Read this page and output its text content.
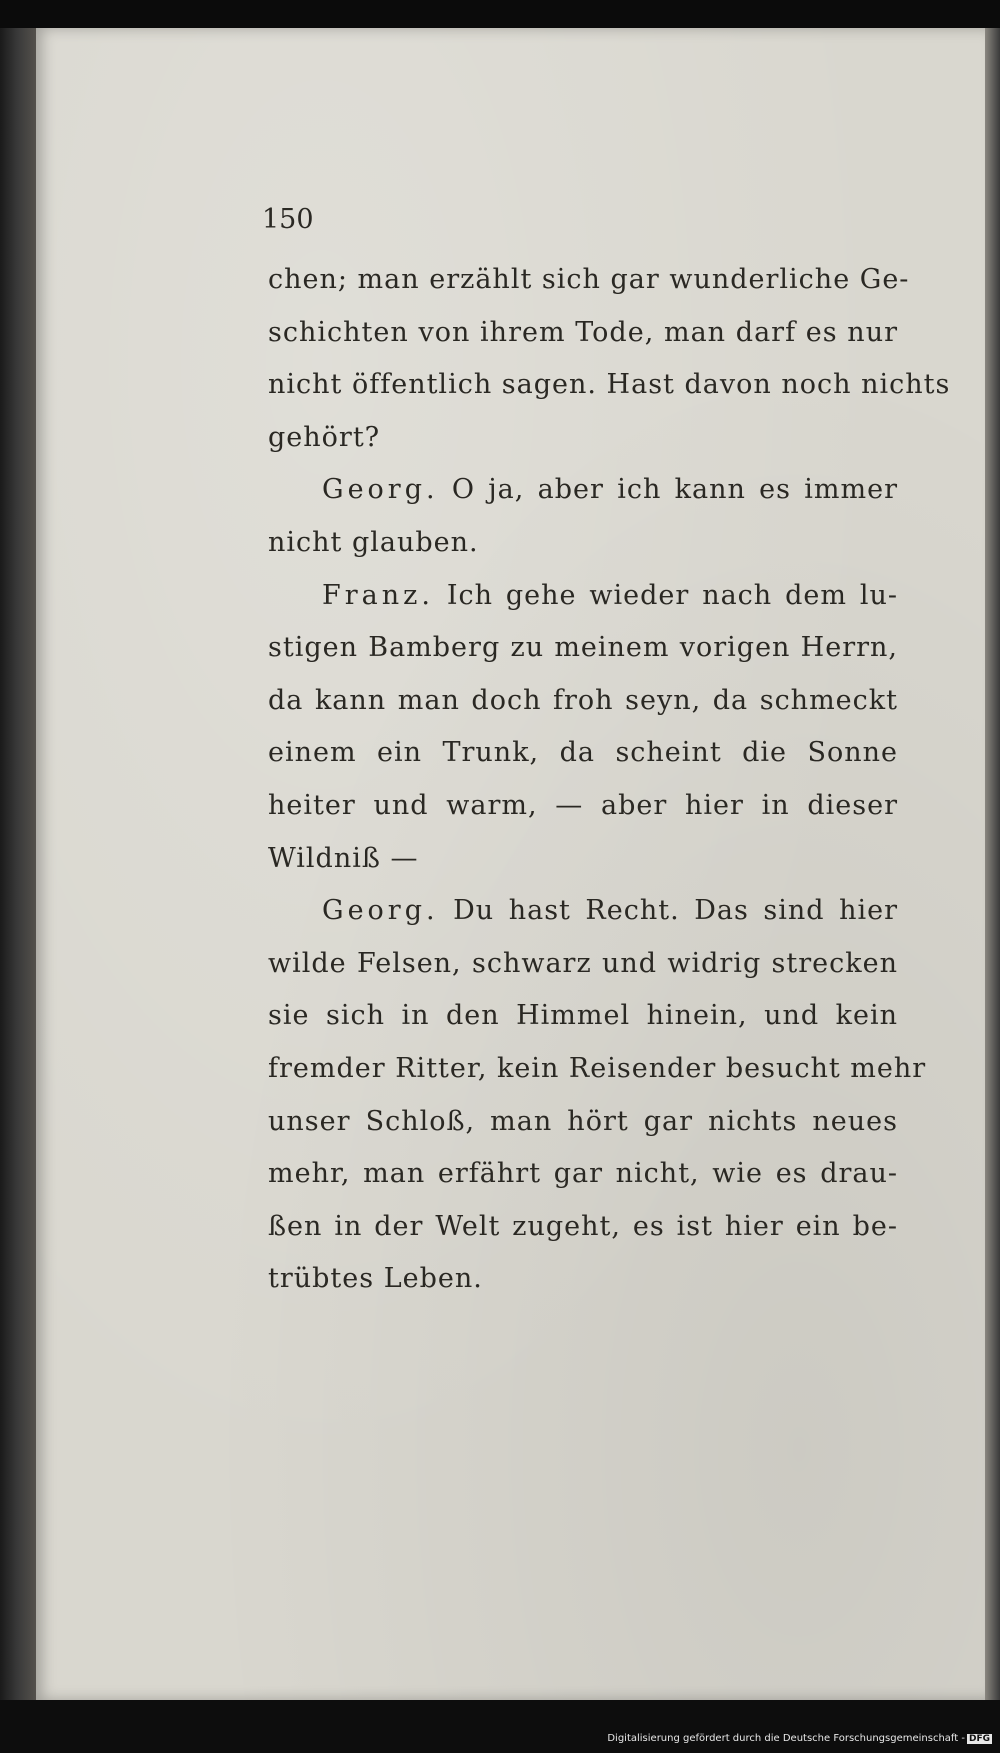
150
chen; man erzählt sich gar wunderliche Ge-
schichten von ihrem Tode, man darf es nur
nicht öffentlich sagen. Hast davon noch nichts
gehört?
Georg. O ja, aber ich kann es immer
nicht glauben.
Franz. Ich gehe wieder nach dem lu-
stigen Bamberg zu meinem vorigen Herrn,
da kann man doch froh seyn, da schmeckt
einem ein Trunk, da scheint die Sonne
heiter und warm, — aber hier in dieser
Wildniß —
Georg. Du hast Recht. Das sind hier
wilde Felsen, schwarz und widrig strecken
sie sich in den Himmel hinein, und kein
fremder Ritter, kein Reisender besucht mehr
unser Schloß, man hört gar nichts neues
mehr, man erfährt gar nicht, wie es drau-
ßen in der Welt zugeht, es ist hier ein be-
trübtes Leben.
Digitalisierung gefördert durch die Deutsche Forschungsgemeinschaft - DFG
